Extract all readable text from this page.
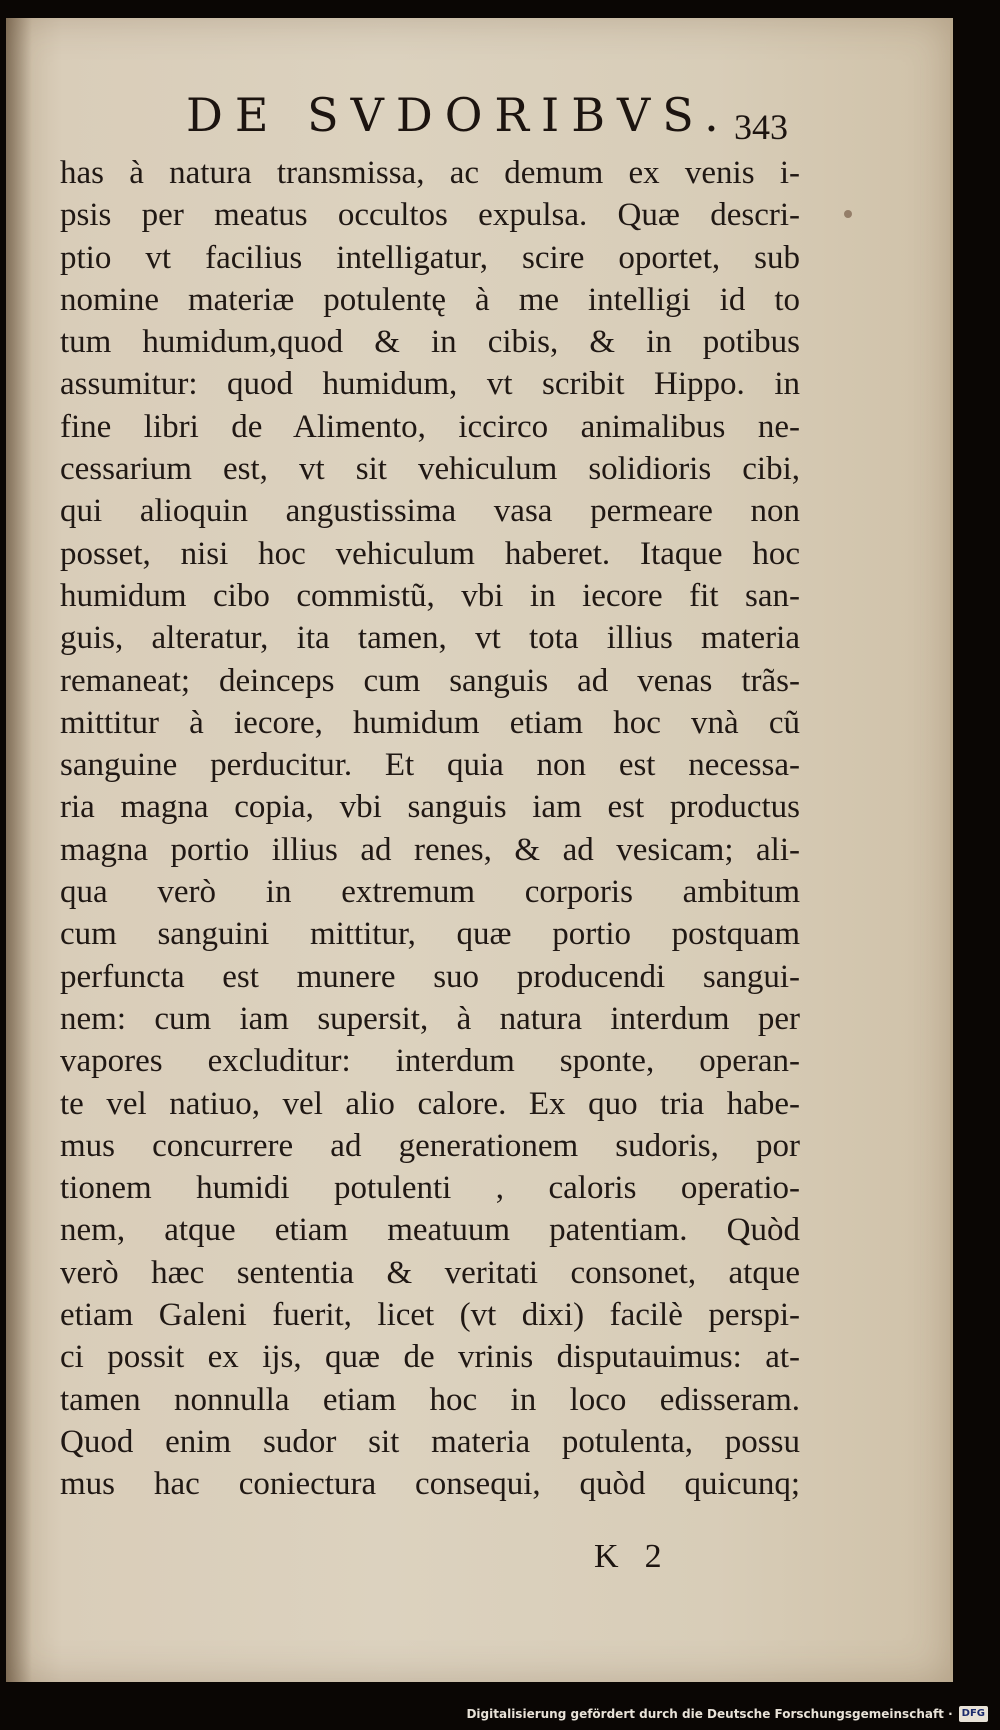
DE SVDORIBVS. 343
has à natura transmissa, ac demum ex venis i-
psis per meatus occultos expulsa. Quæ descri-
ptio vt facilius intelligatur, scire oportet, sub
nomine materiæ potulentę à me intelligi id to
tum humidum,quod & in cibis, & in potibus
assumitur: quod humidum, vt scribit Hippo. in
fine libri de Alimento, iccirco animalibus ne-
cessarium est, vt sit vehiculum solidioris cibi,
qui alioquin angustissima vasa permeare non
posset, nisi hoc vehiculum haberet. Itaque hoc
humidum cibo commistũ, vbi in iecore fit san-
guis, alteratur, ita tamen, vt tota illius materia
remaneat; deinceps cum sanguis ad venas trãs-
mittitur à iecore, humidum etiam hoc vnà cũ
sanguine perducitur. Et quia non est necessa-
ria magna copia, vbi sanguis iam est productus
magna portio illius ad renes, & ad vesicam; ali-
qua verò in extremum corporis ambitum
cum sanguini mittitur, quæ portio postquam
perfuncta est munere suo producendi sangui-
nem: cum iam supersit, à natura interdum per
vapores excluditur: interdum sponte, operan-
te vel natiuo, vel alio calore. Ex quo tria habe-
mus concurrere ad generationem sudoris, por
tionem humidi potulenti , caloris operatio-
nem, atque etiam meatuum patentiam. Quòd
verò hæc sententia & veritati consonet, atque
etiam Galeni fuerit, licet (vt dixi) facilè perspi-
ci possit ex ijs, quæ de vrinis disputauimus: at-
tamen nonnulla etiam hoc in loco edisseram.
Quod enim sudor sit materia potulenta, possu
mus hac coniectura consequi, quòd quicunq;
K 2
Digitalisierung gefördert durch die Deutsche Forschungsgemeinschaft · DFG
